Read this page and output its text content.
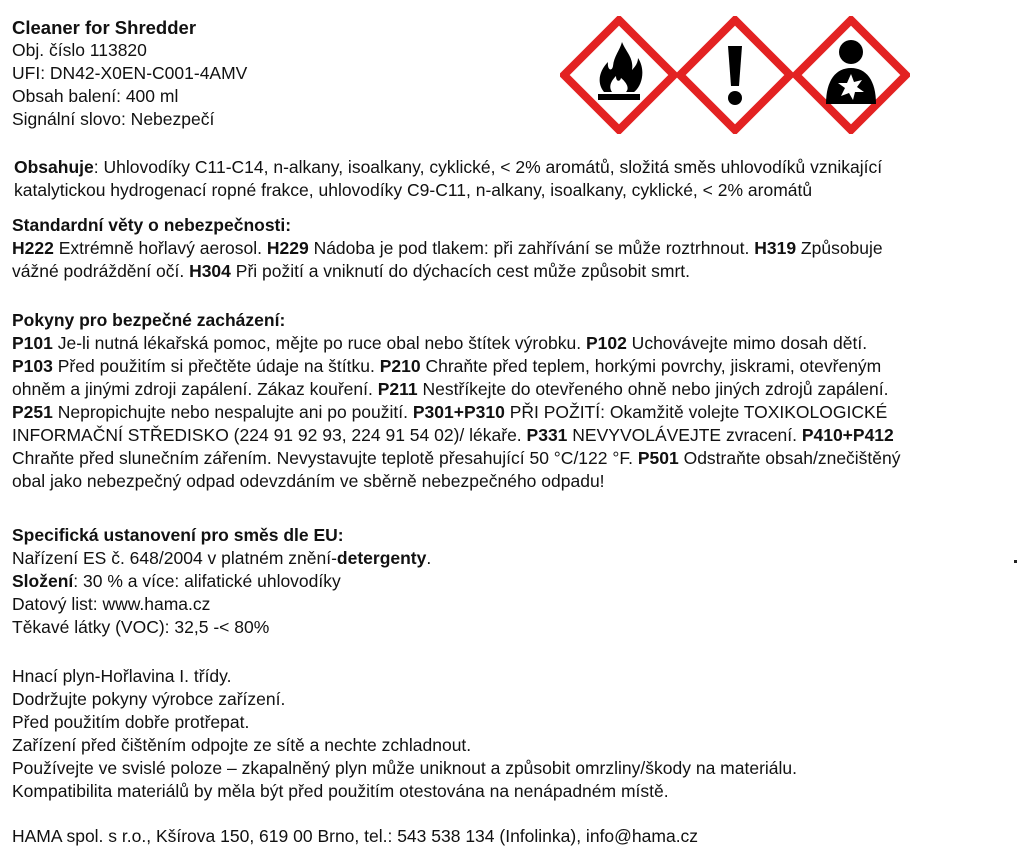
Cleaner for Shredder
Obj. číslo 113820
UFI: DN42-X0EN-C001-4AMV
Obsah balení: 400 ml
Signální slovo: Nebezpečí
Obsahuje: Uhlovodíky C11-C14, n-alkany, isoalkany, cyklické, < 2% aromátů, složitá směs uhlovodíků vznikající
katalytickou hydrogenací ropné frakce, uhlovodíky C9-C11, n-alkany, isoalkany, cyklické, < 2% aromátů
Standardní věty o nebezpečnosti:
H222 Extrémně hořlavý aerosol. H229 Nádoba je pod tlakem: při zahřívání se může roztrhnout. H319 Způsobuje
vážné podráždění očí. H304 Při požití a vniknutí do dýchacích cest může způsobit smrt.
Pokyny pro bezpečné zacházení:
P101 Je-li nutná lékařská pomoc, mějte po ruce obal nebo štítek výrobku. P102 Uchovávejte mimo dosah dětí.
P103 Před použitím si přečtěte údaje na štítku. P210 Chraňte před teplem, horkými povrchy, jiskrami, otevřeným
ohněm a jinými zdroji zapálení. Zákaz kouření. P211 Nestříkejte do otevřeného ohně nebo jiných zdrojů zapálení.
P251 Nepropichujte nebo nespalujte ani po použití. P301+P310 PŘI POŽITÍ: Okamžitě volejte TOXIKOLOGICKÉ
INFORMAČNÍ STŘEDISKO (224 91 92 93, 224 91 54 02)/ lékaře. P331 NEVYVOLÁVEJTE zvracení. P410+P412
Chraňte před slunečním zářením. Nevystavujte teplotě přesahující 50 °C/122 °F. P501 Odstraňte obsah/znečištěný
obal jako nebezpečný odpad odevzdáním ve sběrně nebezpečného odpadu!
Specifická ustanovení pro směs dle EU:
Nařízení ES č. 648/2004 v platném znění-detergenty.
Složení: 30 % a více: alifatické uhlovodíky
Datový list: www.hama.cz
Těkavé látky (VOC): 32,5 -< 80%
Hnací plyn-Hořlavina I. třídy.
Dodržujte pokyny výrobce zařízení.
Před použitím dobře protřepat.
Zařízení před čištěním odpojte ze sítě a nechte zchladnout.
Používejte ve svislé poloze – zkapalněný plyn může uniknout a způsobit omrzliny/škody na materiálu.
Kompatibilita materiálů by měla být před použitím otestována na nenápadném místě.
HAMA spol. s r.o., Kšírova 150, 619 00 Brno, tel.: 543 538 134 (Infolinka), info@hama.cz
